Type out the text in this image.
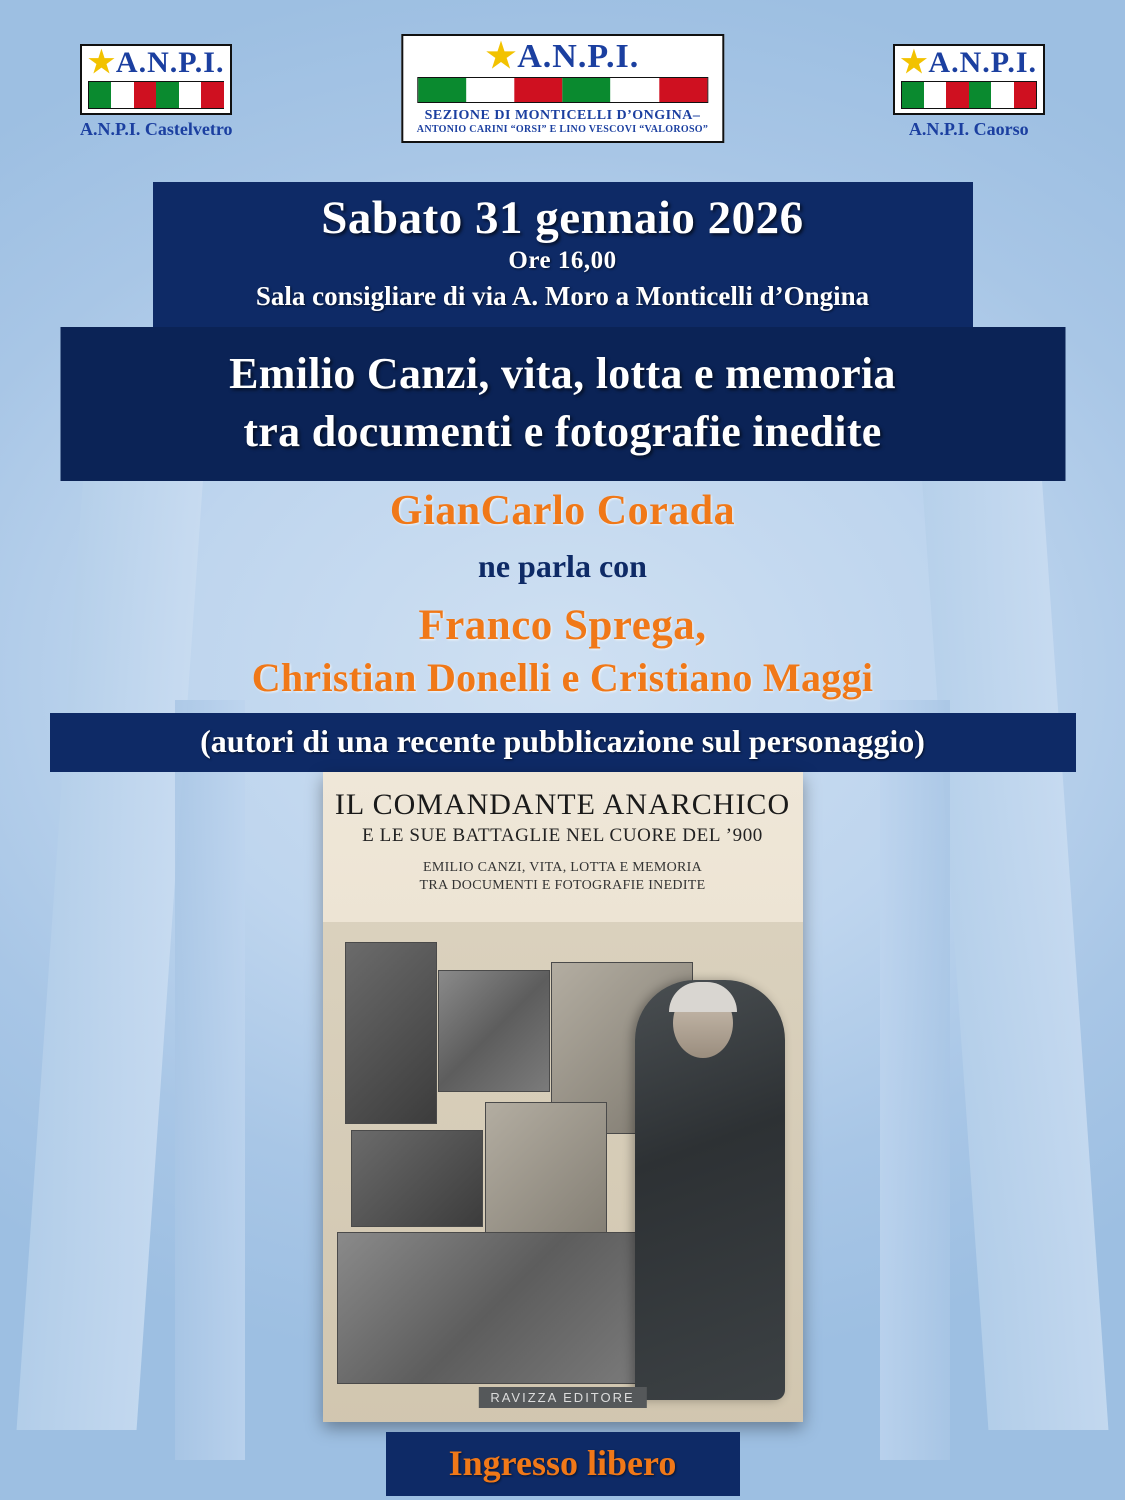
★A.N.P.I.
A.N.P.I. Castelvetro
★A.N.P.I.
SEZIONE DI MONTICELLI D’ONGINA–
ANTONIO CARINI “ORSI” E LINO VESCOVI “VALOROSO”
★A.N.P.I.
A.N.P.I. Caorso
Sabato 31 gennaio 2026
Ore 16,00
Sala consigliare di via A. Moro a Monticelli d’Ongina
Emilio Canzi, vita, lotta e memoria
tra documenti e fotografie inedite
GianCarlo Corada
ne parla con
Franco Sprega,
Christian Donelli e Cristiano Maggi
(autori di una recente pubblicazione sul personaggio)
IL COMANDANTE ANARCHICO
E LE SUE BATTAGLIE NEL CUORE DEL ’900
EMILIO CANZI, VITA, LOTTA E MEMORIA
TRA DOCUMENTI E FOTOGRAFIE INEDITE
RAVIZZA EDITORE
Ingresso libero
